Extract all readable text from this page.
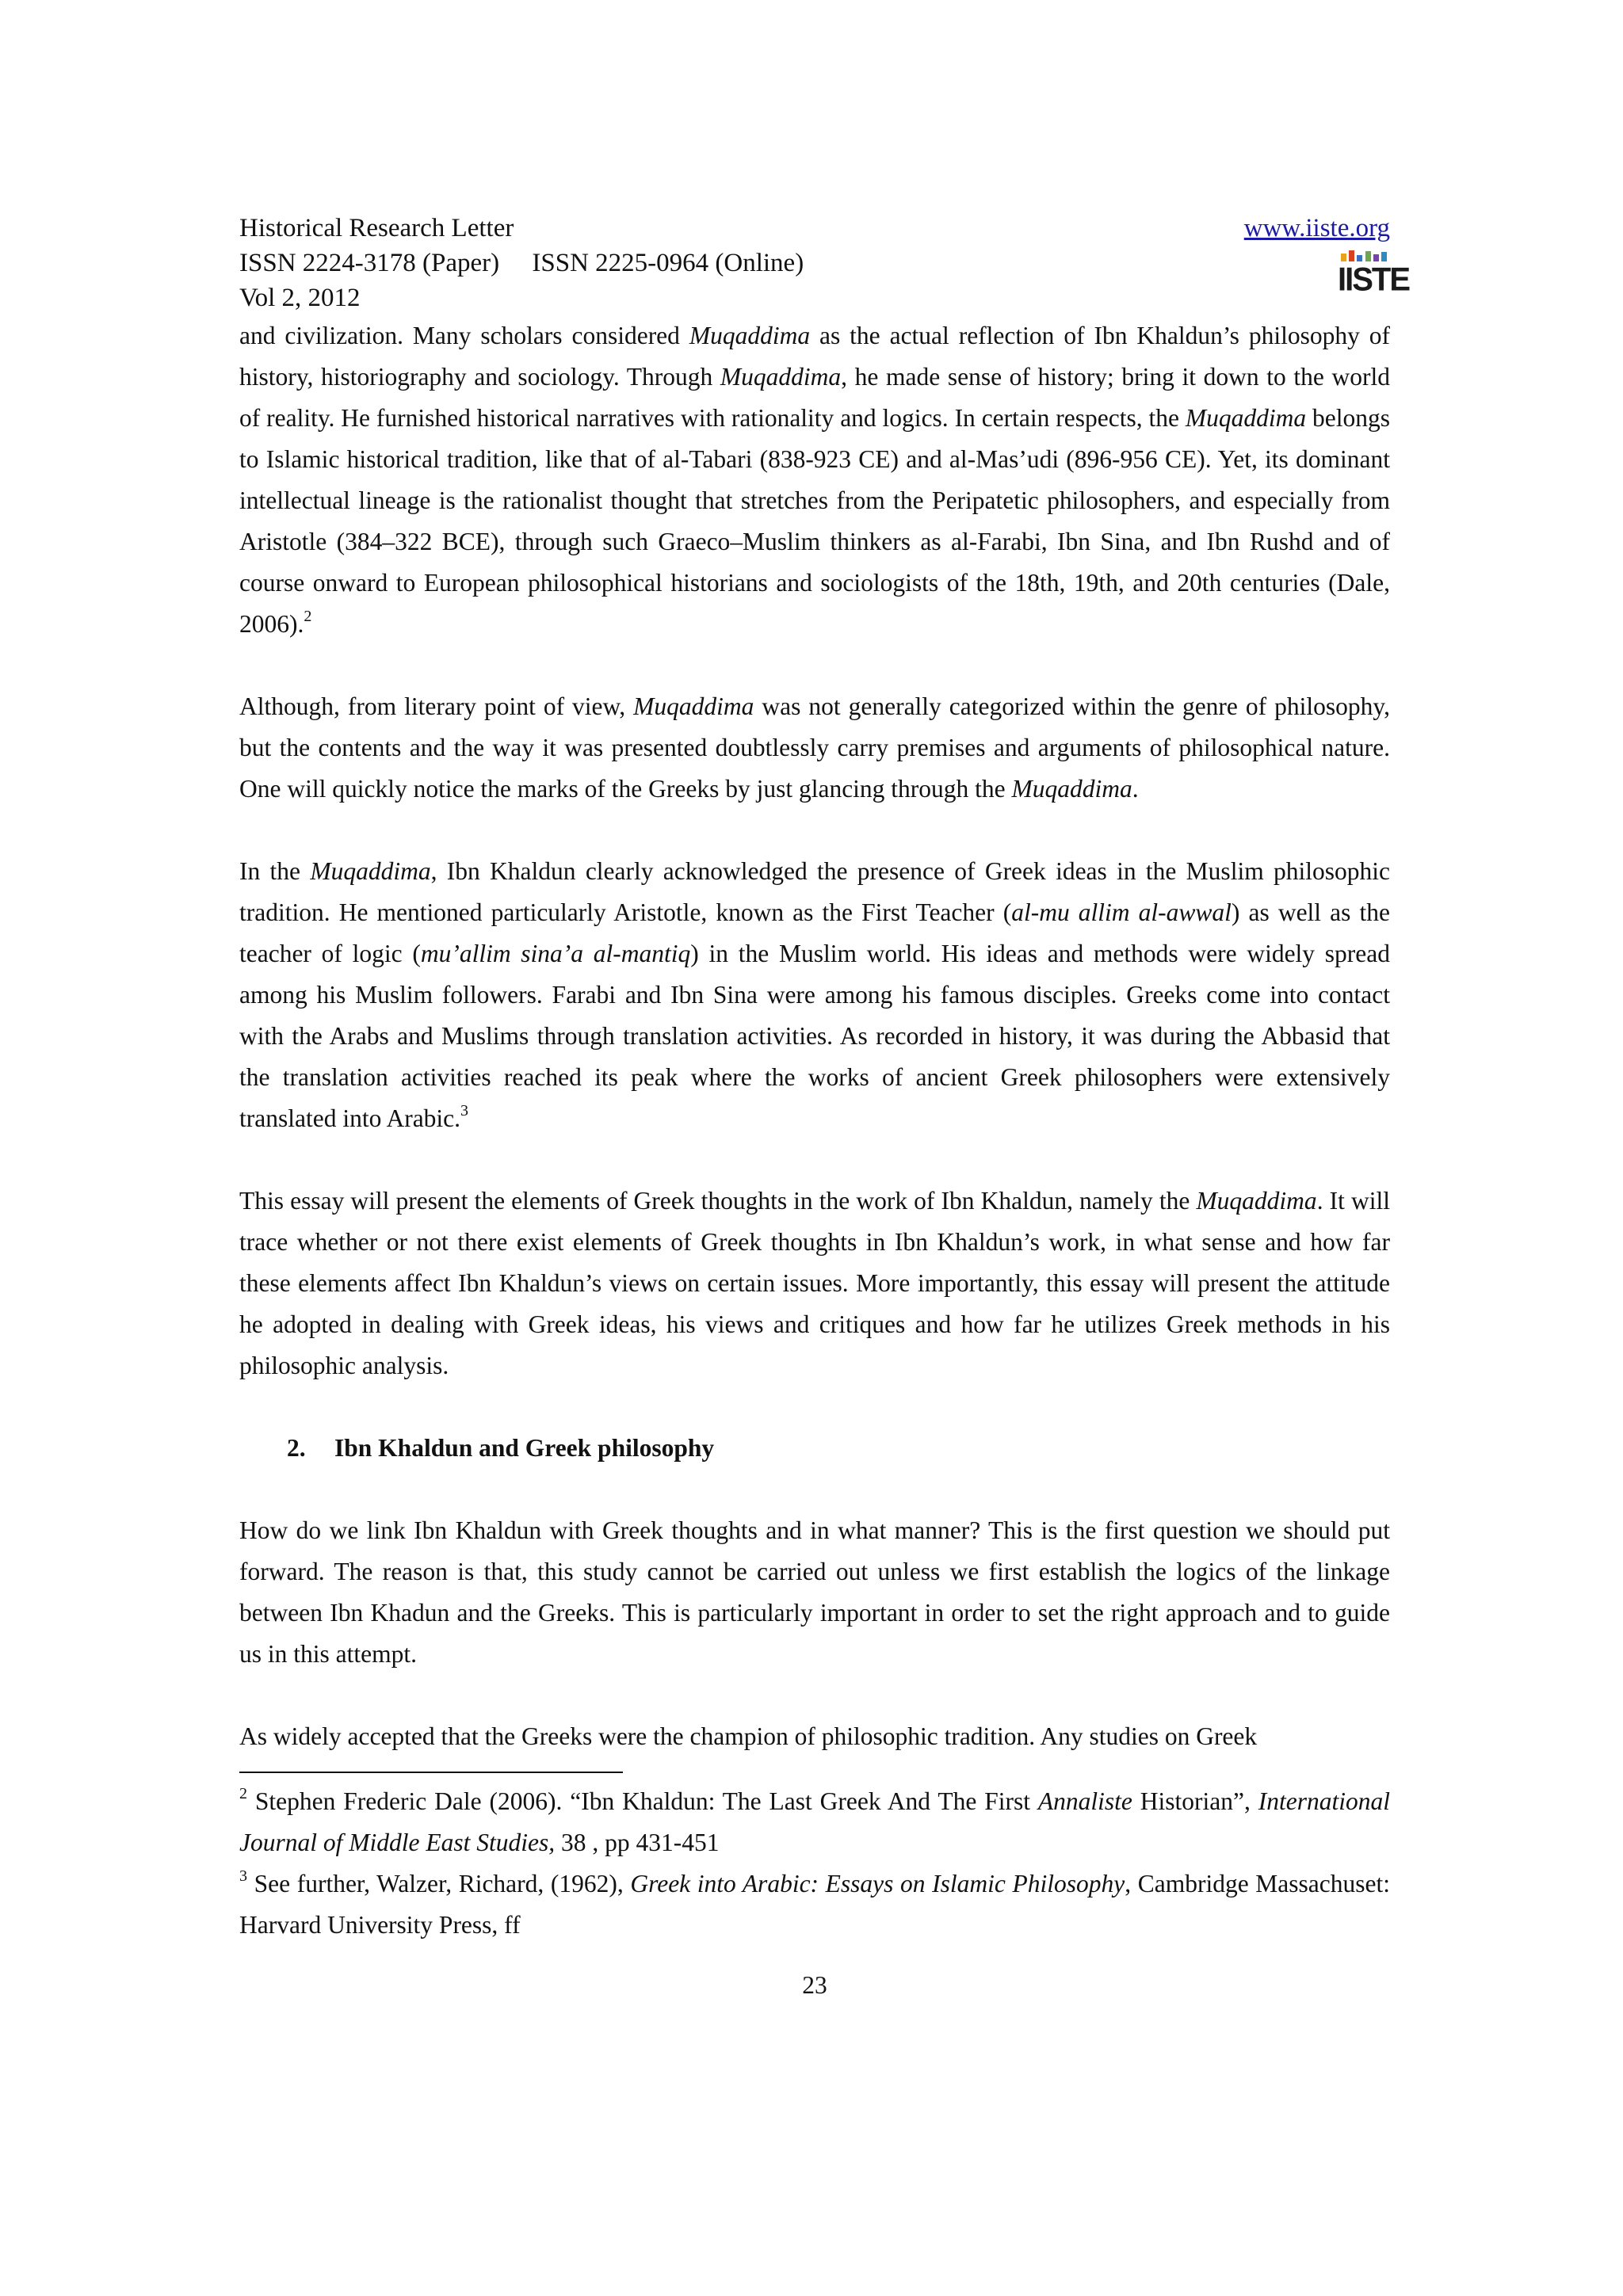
Historical Research Letter
ISSN 2224-3178 (Paper)     ISSN 2225-0964 (Online)
Vol 2, 2012
www.iiste.org
IISTE

and civilization. Many scholars considered Muqaddima as the actual reflection of Ibn Khaldun’s philosophy of history, historiography and sociology. Through Muqaddima, he made sense of history; bring it down to the world of reality. He furnished historical narratives with rationality and logics. In certain respects, the Muqaddima belongs to Islamic historical tradition, like that of al-Tabari (838-923 CE) and al-Mas’udi (896-956 CE). Yet, its dominant intellectual lineage is the rationalist thought that stretches from the Peripatetic philosophers, and especially from Aristotle (384–322 BCE), through such Graeco–Muslim thinkers as al-Farabi, Ibn Sina, and Ibn Rushd and of course onward to European philosophical historians and sociologists of the 18th, 19th, and 20th centuries (Dale, 2006).$^2$

Although, from literary point of view, Muqaddima was not generally categorized within the genre of philosophy, but the contents and the way it was presented doubtlessly carry premises and arguments of philosophical nature. One will quickly notice the marks of the Greeks by just glancing through the Muqaddima.

In the Muqaddima, Ibn Khaldun clearly acknowledged the presence of Greek ideas in the Muslim philosophic tradition. He mentioned particularly Aristotle, known as the First Teacher (al-mu allim al-awwal) as well as the teacher of logic (mu’allim sina’a al-mantiq) in the Muslim world. His ideas and methods were widely spread among his Muslim followers. Farabi and Ibn Sina were among his famous disciples. Greeks come into contact with the Arabs and Muslims through translation activities. As recorded in history, it was during the Abbasid that the translation activities reached its peak where the works of ancient Greek philosophers were extensively translated into Arabic.$^3$

This essay will present the elements of Greek thoughts in the work of Ibn Khaldun, namely the Muqaddima. It will trace whether or not there exist elements of Greek thoughts in Ibn Khaldun’s work, in what sense and how far these elements affect Ibn Khaldun’s views on certain issues. More importantly, this essay will present the attitude he adopted in dealing with Greek ideas, his views and critiques and how far he utilizes Greek methods in his philosophic analysis.

2. Ibn Khaldun and Greek philosophy

How do we link Ibn Khaldun with Greek thoughts and in what manner? This is the first question we should put forward. The reason is that, this study cannot be carried out unless we first establish the logics of the linkage between Ibn Khadun and the Greeks. This is particularly important in order to set the right approach and to guide us in this attempt.

As widely accepted that the Greeks were the champion of philosophic tradition. Any studies on Greek

$^2$ Stephen Frederic Dale (2006). “Ibn Khaldun: The Last Greek And The First Annaliste Historian”, International Journal of Middle East Studies, 38 , pp 431-451

$^3$ See further, Walzer, Richard, (1962), Greek into Arabic: Essays on Islamic Philosophy, Cambridge Massachuset: Harvard University Press, ff

23
